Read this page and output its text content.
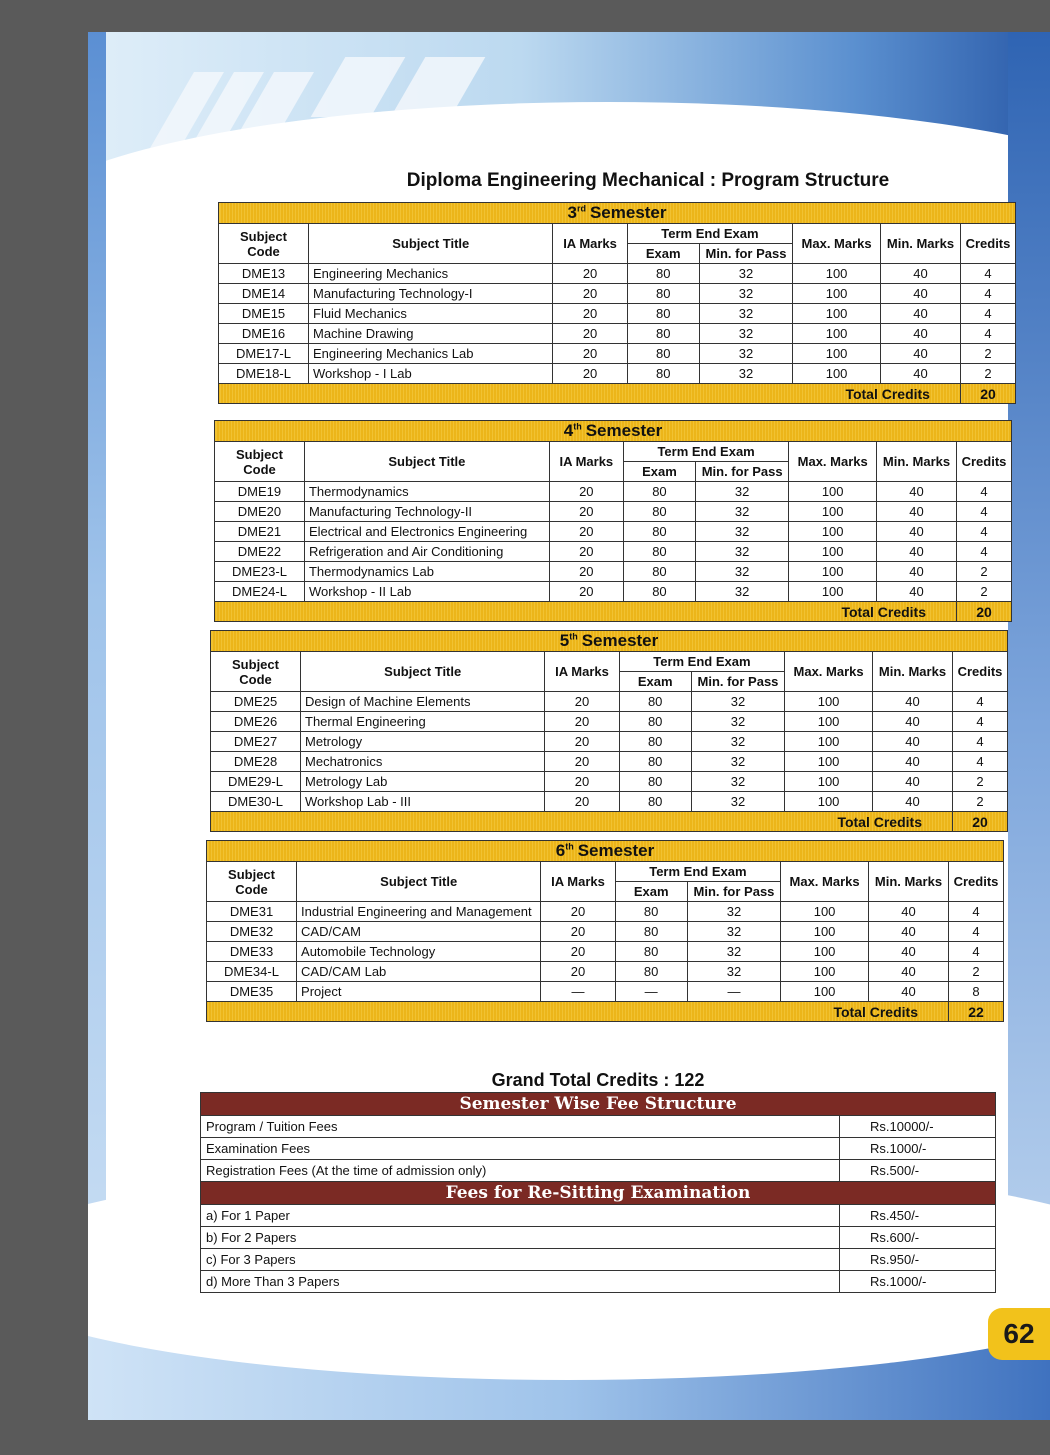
62
Diploma Engineering Mechanical : Program Structure
3rd Semester							
Subject Code	Subject Title	IA Marks	Term End Exam		Max. Marks	Min. Marks	Credits
			Exam	Min. for Pass			
DME13	Engineering Mechanics	20	80	32	100	40	4
DME14	Manufacturing Technology-I	20	80	32	100	40	4
DME15	Fluid Mechanics	20	80	32	100	40	4
DME16	Machine Drawing	20	80	32	100	40	4
DME17-L	Engineering Mechanics Lab	20	80	32	100	40	2
DME18-L	Workshop - I Lab	20	80	32	100	40	2
Total Credits							20
4th Semester							
Subject Code	Subject Title	IA Marks	Term End Exam		Max. Marks	Min. Marks	Credits
			Exam	Min. for Pass			
DME19	Thermodynamics	20	80	32	100	40	4
DME20	Manufacturing Technology-II	20	80	32	100	40	4
DME21	Electrical and Electronics Engineering	20	80	32	100	40	4
DME22	Refrigeration and Air Conditioning	20	80	32	100	40	4
DME23-L	Thermodynamics Lab	20	80	32	100	40	2
DME24-L	Workshop - II Lab	20	80	32	100	40	2
Total Credits							20
5th Semester							
Subject Code	Subject Title	IA Marks	Term End Exam		Max. Marks	Min. Marks	Credits
			Exam	Min. for Pass			
DME25	Design of Machine Elements	20	80	32	100	40	4
DME26	Thermal Engineering	20	80	32	100	40	4
DME27	Metrology	20	80	32	100	40	4
DME28	Mechatronics	20	80	32	100	40	4
DME29-L	Metrology Lab	20	80	32	100	40	2
DME30-L	Workshop Lab - III	20	80	32	100	40	2
Total Credits							20
6th Semester							
Subject Code	Subject Title	IA Marks	Term End Exam		Max. Marks	Min. Marks	Credits
			Exam	Min. for Pass			
DME31	Industrial Engineering and Management	20	80	32	100	40	4
DME32	CAD/CAM	20	80	32	100	40	4
DME33	Automobile Technology	20	80	32	100	40	4
DME34-L	CAD/CAM Lab	20	80	32	100	40	2
DME35	Project	—	—	—	100	40	8
Total Credits							22
Grand Total Credits : 122
Semester Wise Fee Structure	
Program / Tuition Fees	Rs.10000/-
Examination Fees	Rs.1000/-
Registration Fees (At the time of admission only)	Rs.500/-
Fees for Re-Sitting Examination	
a) For 1 Paper	Rs.450/-
b) For 2 Papers	Rs.600/-
c) For 3 Papers	Rs.950/-
d) More Than 3 Papers	Rs.1000/-
